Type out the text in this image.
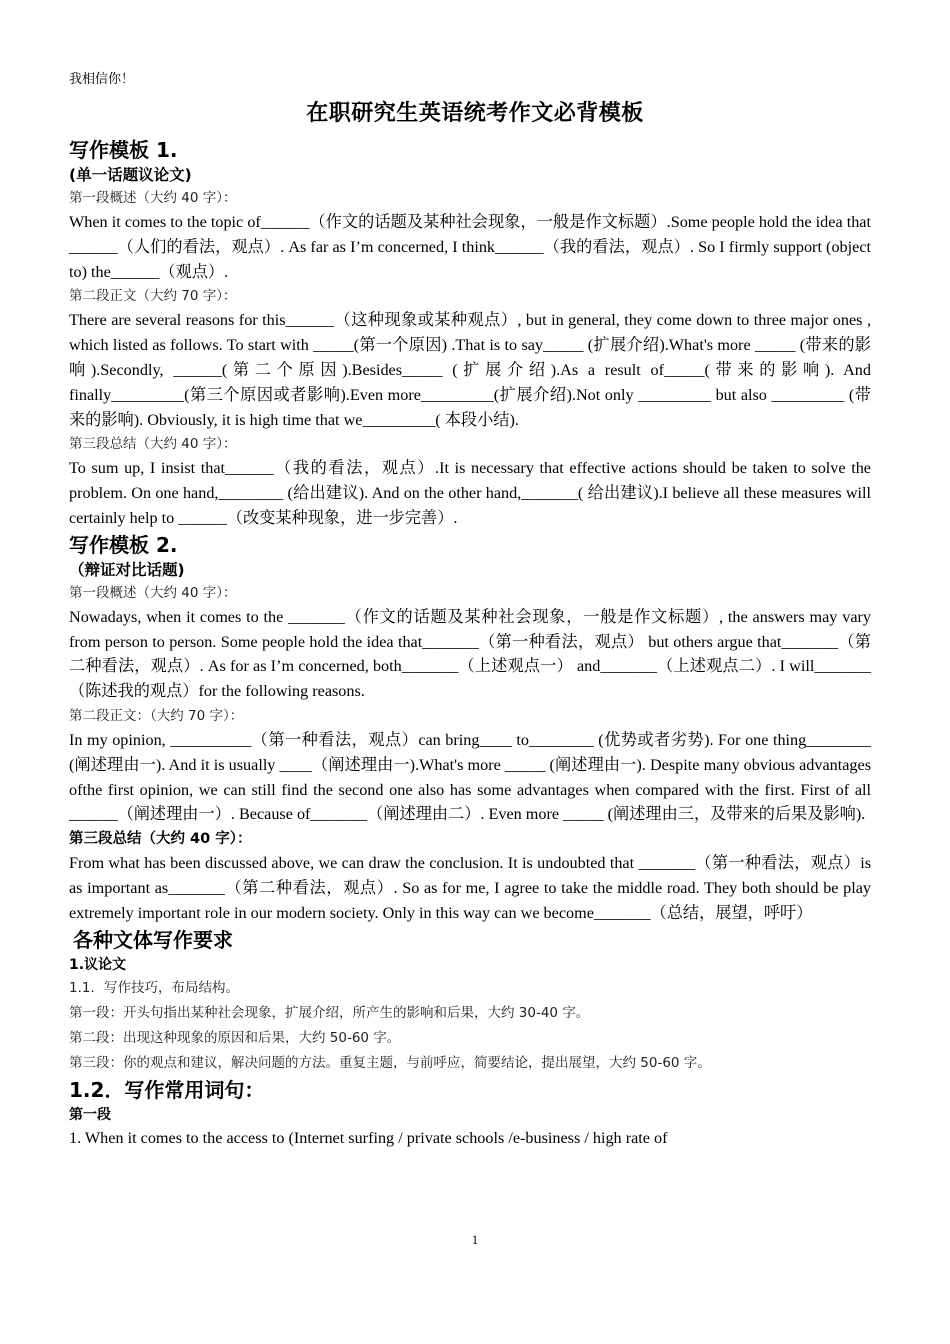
我相信你！
在职研究生英语统考作文必背模板

写作模板 1.

(单一话题议论文)

第一段概述（大约 40 字）：

When it comes to the topic of______（作文的话题及某种社会现象，一般是作文标题）.Some people hold the idea that ______（人们的看法，观点）. As far as I’m concerned, I think______（我的看法，观点）. So I firmly support (object to) the______（观点）.

第二段正文（大约 70 字）：

There are several reasons for this______（这种现象或某种观点）, but in general, they come down to three major ones , which listed as follows. To start with _____(第一个原因) .That is to say_____ (扩展介绍).What's more _____ (带来的影响).Secondly, ______(第二个原因).Besides_____ (扩展介绍).As a result of_____(带来的影响). And finally_________(第三个原因或者影响).Even more_________(扩展介绍).Not only _________ but also _________ (带来的影响). Obviously, it is high time that we_________( 本段小结).

第三段总结（大约 40 字）：

To sum up, I insist that______（我的看法，观点）.It is necessary that effective actions should be taken to solve the problem. On one hand,________ (给出建议). And on the other hand,_______( 给出建议).I believe all these measures will certainly help to ______（改变某种现象，进一步完善）.

写作模板 2.

（辩证对比话题)

第一段概述（大约 40 字）：

Nowadays, when it comes to the _______（作文的话题及某种社会现象，一般是作文标题）, the answers may vary from person to person. Some people hold the idea that_______（第一种看法，观点） but others argue that_______（第二种看法，观点）. As for as I’m concerned, both_______（上述观点一） and_______（上述观点二）. I will_______（陈述我的观点）for the following reasons.

第二段正文：（大约 70 字）：

In my opinion, __________（第一种看法，观点）can bring____ to________ (优势或者劣势). For one thing________ (阐述理由一). And it is usually ____（阐述理由一).What's more _____ (阐述理由一). Despite many obvious advantages ofthe first opinion, we can still find the second one also has some advantages when compared with the first. First of all ______（阐述理由一）. Because of_______（阐述理由二）. Even more _____ (阐述理由三，及带来的后果及影响).

第三段总结（大约 40 字）：

From what has been discussed above, we can draw the conclusion. It is undoubted that _______（第一种看法，观点）is as important as_______（第二种看法，观点）. So as for me, I agree to take the middle road. They both should be play extremely important role in our modern society. Only in this way can we become_______（总结，展望，呼吁）

各种文体写作要求

1.议论文

1.1．写作技巧，布局结构。

第一段：开头句指出某种社会现象，扩展介绍，所产生的影响和后果，大约 30-40 字。

第二段：出现这种现象的原因和后果，大约 50-60 字。

第三段：你的观点和建议，解决问题的方法。重复主题，与前呼应，简要结论，提出展望，大约 50-60 字。

1.2．写作常用词句：

第一段

1. When it comes to the access to (Internet surfing / private schools /e-business / high rate of

1
